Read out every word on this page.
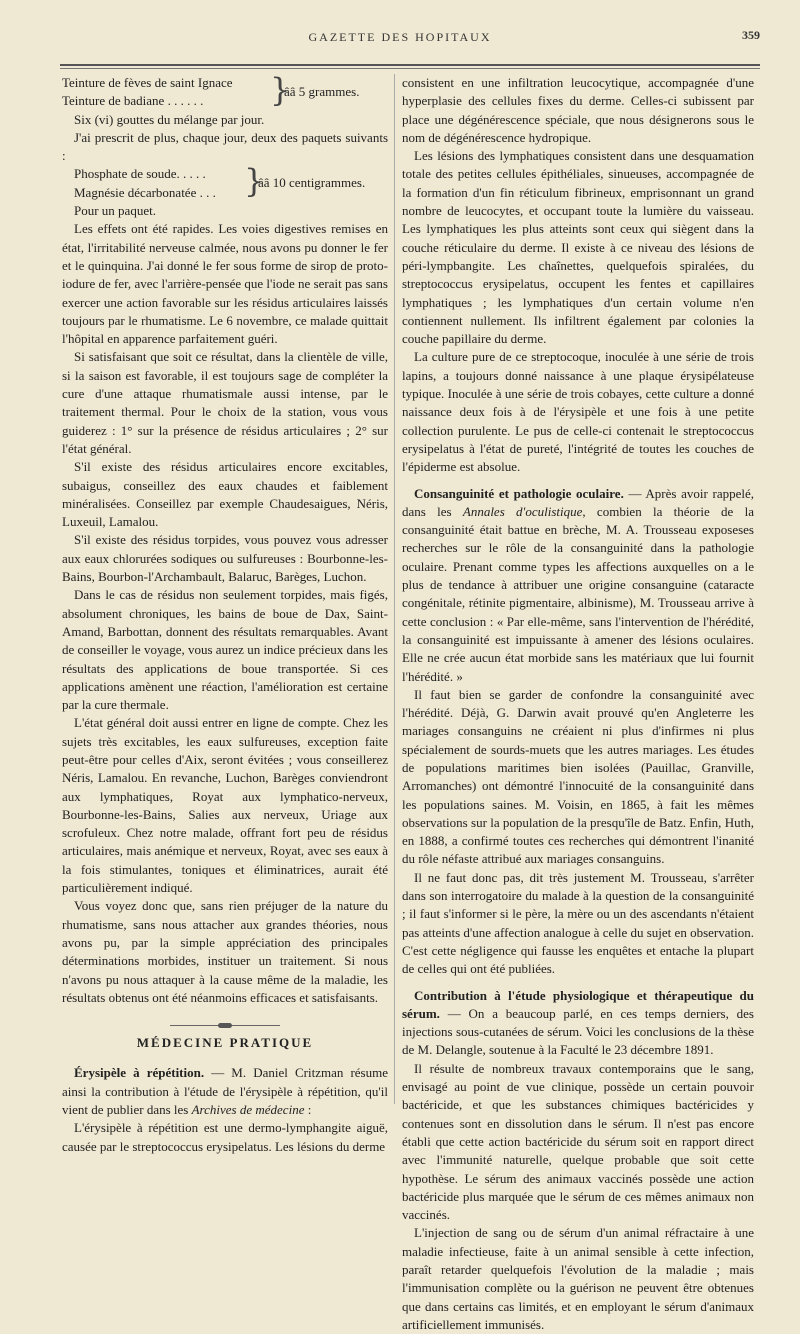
GAZETTE DES HOPITAUX	359
Teinture de fèves de saint Ignace
Teinture de badiane . . . . . .	}
ââ 5 grammes.

Six (vi) gouttes du mélange par jour.

J'ai prescrit de plus, chaque jour, deux des paquets suivants :

Phosphate de soude. . . . .
Magnésie décarbonatée . . . }
ââ 10 centigrammes.

Pour un paquet.

Les effets ont été rapides. Les voies digestives remises en état, l'irritabilité nerveuse calmée, nous avons pu donner le fer et le quinquina. J'ai donné le fer sous forme de sirop de proto-iodure de fer, avec l'arrière-pensée que l'iode ne serait pas sans exercer une action favorable sur les résidus articulaires laissés toujours par le rhumatisme. Le 6 novembre, ce malade quittait l'hôpital en apparence parfaitement guéri.

Si satisfaisant que soit ce résultat, dans la clientèle de ville, si la saison est favorable, il est toujours sage de compléter la cure d'une attaque rhumatismale aussi intense, par le traitement thermal. Pour le choix de la station, vous vous guiderez : 1° sur la présence de résidus articulaires ; 2° sur l'état général.

S'il existe des résidus articulaires encore excitables, subaigus, conseillez des eaux chaudes et faiblement minéralisées. Conseillez par exemple Chaudesaigues, Néris, Luxeuil, Lamalou.

S'il existe des résidus torpides, vous pouvez vous adresser aux eaux chlorurées sodiques ou sulfureuses : Bourbonne-les-Bains, Bourbon-l'Archambault, Balaruc, Barèges, Luchon.

Dans le cas de résidus non seulement torpides, mais figés, absolument chroniques, les bains de boue de Dax, Saint-Amand, Barbottan, donnent des résultats remarquables. Avant de conseiller le voyage, vous aurez un indice précieux dans les résultats des applications de boue transportée. Si ces applications amènent une réaction, l'amélioration est certaine par la cure thermale.

L'état général doit aussi entrer en ligne de compte. Chez les sujets très excitables, les eaux sulfureuses, exception faite peut-être pour celles d'Aix, seront évitées ; vous conseillerez Néris, Lamalou. En revanche, Luchon, Barèges conviendront aux lymphatiques, Royat aux lymphatico-nerveux, Bourbonne-les-Bains, Salies aux nerveux, Uriage aux scrofuleux. Chez notre malade, offrant fort peu de résidus articulaires, mais anémique et nerveux, Royat, avec ses eaux à la fois stimulantes, toniques et éliminatrices, aurait été particulièrement indiqué.

Vous voyez donc que, sans rien préjuger de la nature du rhumatisme, sans nous attacher aux grandes théories, nous avons pu, par la simple appréciation des principales déterminations morbides, instituer un traitement. Si nous n'avons pu nous attaquer à la cause même de la maladie, les résultats obtenus ont été néanmoins efficaces et satisfaisants.

MÉDECINE PRATIQUE

Érysipèle à répétition. — M. Daniel Critzman résume ainsi la contribution à l'étude de l'érysipèle à répétition, qu'il vient de publier dans les Archives de médecine :

L'érysipèle à répétition est une dermo-lymphangite aiguë, causée par le streptococcus erysipelatus. Les lésions du derme

consistent en une infiltration leucocytique, accompagnée d'une hyperplasie des cellules fixes du derme. Celles-ci subissent par place une dégénérescence spéciale, que nous désignerons sous le nom de dégénérescence hydropique.

Les lésions des lymphatiques consistent dans une desquamation totale des petites cellules épithéliales, sinueuses, accompagnée de la formation d'un fin réticulum fibrineux, emprisonnant un grand nombre de leucocytes, et occupant toute la lumière du vaisseau. Les lymphatiques les plus atteints sont ceux qui siègent dans la couche réticulaire du derme. Il existe à ce niveau des lésions de péri-lympbangite. Les chaînettes, quelquefois spiralées, du streptococcus erysipelatus, occupent les fentes et capillaires lymphatiques ; les lymphatiques d'un certain volume n'en contiennent nullement. Ils infiltrent également par colonies la couche papillaire du derme.

La culture pure de ce streptocoque, inoculée à une série de trois lapins, a toujours donné naissance à une plaque érysipélateuse typique. Inoculée à une série de trois cobayes, cette culture a donné naissance deux fois à de l'érysipèle et une fois à une petite collection purulente. Le pus de celle-ci contenait le streptococcus erysipelatus à l'état de pureté, l'intégrité de toutes les couches de l'épiderme est absolue.

Consanguinité et pathologie oculaire. — Après avoir rappelé, dans les Annales d'oculistique, combien la théorie de la consanguinité était battue en brèche, M. A. Trousseau exposeses recherches sur le rôle de la consanguinité dans la pathologie oculaire. Prenant comme types les affections auxquelles on a le plus de tendance à attribuer une origine consanguine (cataracte congénitale, rétinite pigmentaire, albinisme), M. Trousseau arrive à cette conclusion : « Par elle-même, sans l'intervention de l'hérédité, la consanguinité est impuissante à amener des lésions oculaires. Elle ne crée aucun état morbide sans les matériaux que lui fournit l'hérédité. »

Il faut bien se garder de confondre la consanguinité avec l'hérédité. Déjà, G. Darwin avait prouvé qu'en Angleterre les mariages consanguins ne créaient ni plus d'infirmes ni plus spécialement de sourds-muets que les autres mariages. Les études de populations maritimes bien isolées (Pauillac, Granville, Arromanches) ont démontré l'innocuité de la consanguinité dans les populations saines. M. Voisin, en 1865, à fait les mêmes observations sur la population de la presqu'île de Batz. Enfin, Huth, en 1888, a confirmé toutes ces recherches qui démontrent l'inanité du rôle néfaste attribué aux mariages consanguins.

Il ne faut donc pas, dit très justement M. Trousseau, s'arrêter dans son interrogatoire du malade à la question de la consanguinité ; il faut s'informer si le père, la mère ou un des ascendants n'étaient pas atteints d'une affection analogue à celle du sujet en observation. C'est cette négligence qui fausse les enquêtes et entache la plupart de celles qui ont été publiées.

Contribution à l'étude physiologique et thérapeutique du sérum. — On a beaucoup parlé, en ces temps derniers, des injections sous-cutanées de sérum. Voici les conclusions de la thèse de M. Delangle, soutenue à la Faculté le 23 décembre 1891.

Il résulte de nombreux travaux contemporains que le sang, envisagé au point de vue clinique, possède un certain pouvoir bactéricide, et que les substances chimiques bactéricides y contenues sont en dissolution dans le sérum. Il n'est pas encore établi que cette action bactéricide du sérum soit en rapport direct avec l'immunité naturelle, quelque probable que soit cette hypothèse. Le sérum des animaux vaccinés possède une action bactéricide plus marquée que le sérum de ces mêmes animaux non vaccinés.

L'injection de sang ou de sérum d'un animal réfractaire à une maladie infectieuse, faite à un animal sensible à cette infection, paraît retarder quelquefois l'évolution de la maladie ; mais l'immunisation complète ou la guérison ne peuvent être obtenues que dans certains cas limités, et en employant le sérum d'animaux artificiellement immunisés.
